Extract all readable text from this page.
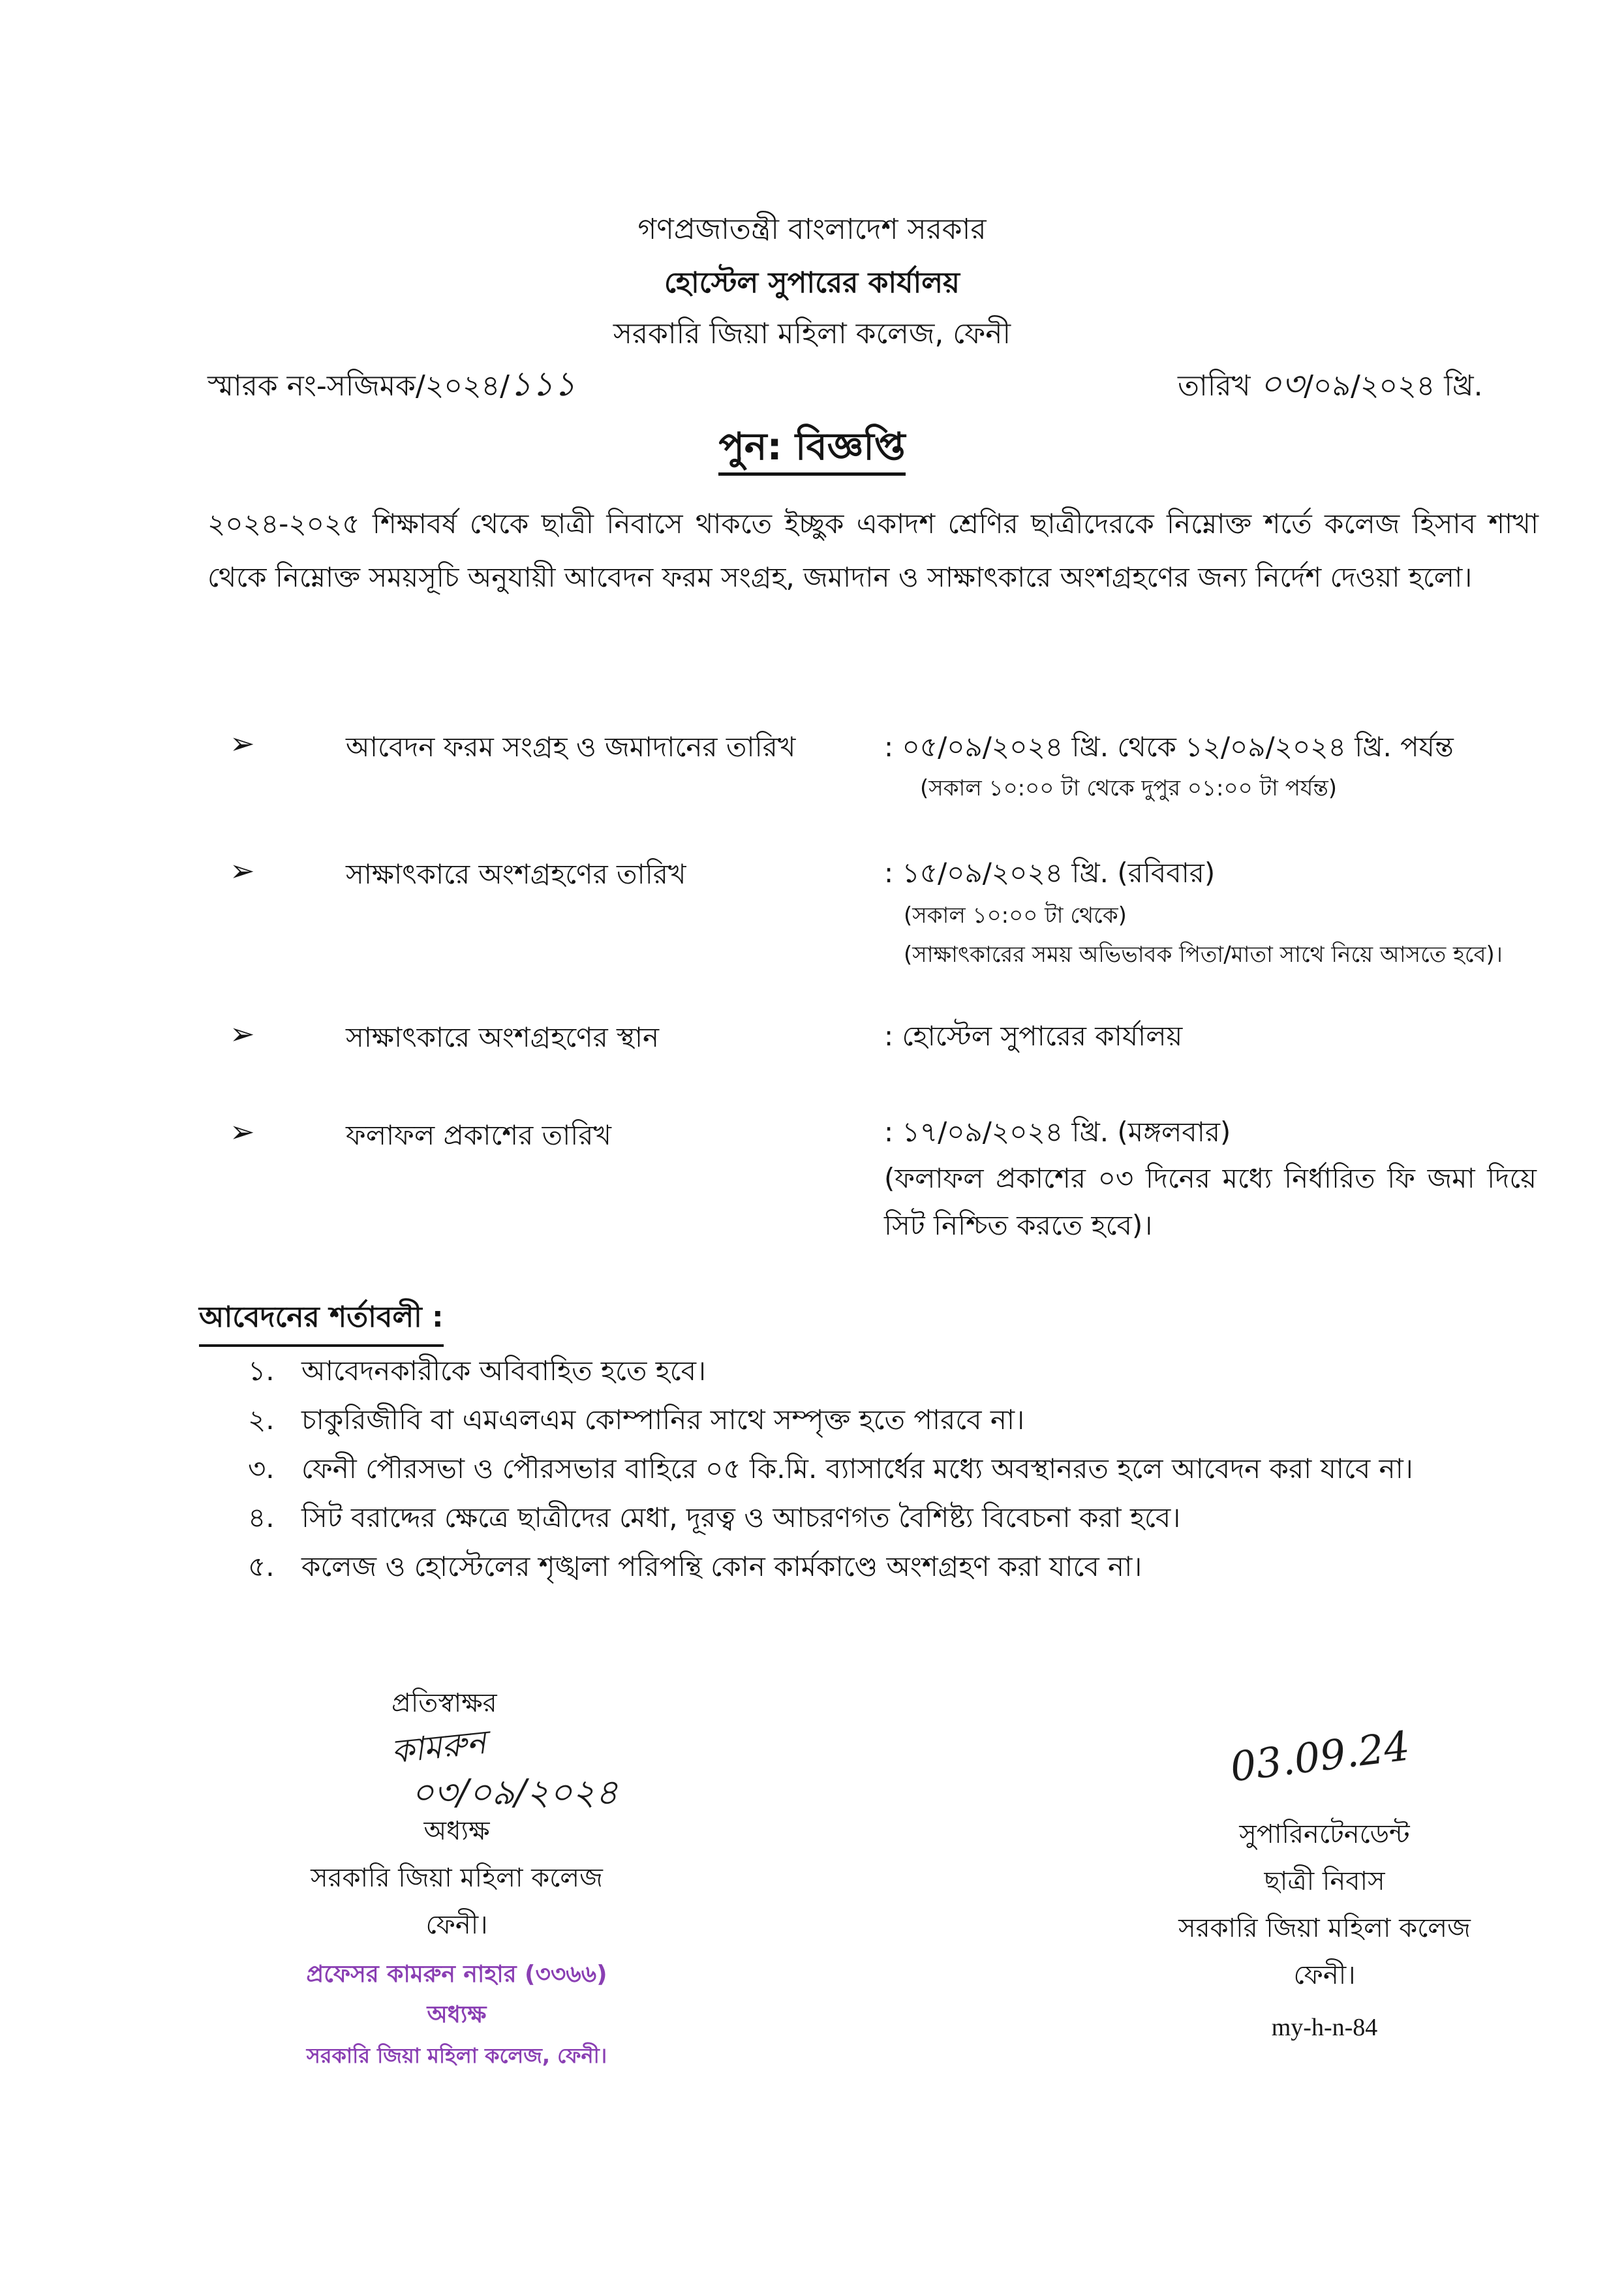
গণপ্রজাতন্ত্রী বাংলাদেশ সরকার
হোস্টেল সুপারের কার্যালয়
সরকারি জিয়া মহিলা কলেজ, ফেনী
স্মারক নং-সজিমক/২০২৪/১১১	তারিখ ০৩/০৯/২০২৪ খ্রি.
পুন: বিজ্ঞপ্তি
২০২৪-২০২৫ শিক্ষাবর্ষ থেকে ছাত্রী নিবাসে থাকতে ইচ্ছুক একাদশ শ্রেণির ছাত্রীদেরকে নিম্নোক্ত শর্তে কলেজ হিসাব শাখা থেকে নিম্নোক্ত সময়সূচি অনুযায়ী আবেদন ফরম সংগ্রহ, জমাদান ও সাক্ষাৎকারে অংশগ্রহণের জন্য নির্দেশ দেওয়া হলো।
➢	আবেদন ফরম সংগ্রহ ও জমাদানের তারিখ	: ০৫/০৯/২০২৪ খ্রি. থেকে ১২/০৯/২০২৪ খ্রি. পর্যন্ত
(সকাল ১০:০০ টা থেকে দুপুর ০১:০০ টা পর্যন্ত)
➢	সাক্ষাৎকারে অংশগ্রহণের তারিখ	: ১৫/০৯/২০২৪ খ্রি. (রবিবার)
(সকাল ১০:০০ টা থেকে)
(সাক্ষাৎকারের সময় অভিভাবক পিতা/মাতা সাথে নিয়ে আসতে হবে)।
➢	সাক্ষাৎকারে অংশগ্রহণের স্থান	: হোস্টেল সুপারের কার্যালয়
➢	ফলাফল প্রকাশের তারিখ	: ১৭/০৯/২০২৪ খ্রি. (মঙ্গলবার)
(ফলাফল প্রকাশের ০৩ দিনের মধ্যে নির্ধারিত ফি জমা দিয়ে সিট নিশ্চিত করতে হবে)।
আবেদনের শর্তাবলী :
১. আবেদনকারীকে অবিবাহিত হতে হবে।
২. চাকুরিজীবি বা এমএলএম কোম্পানির সাথে সম্পৃক্ত হতে পারবে না।
৩. ফেনী পৌরসভা ও পৌরসভার বাহিরে ০৫ কি.মি. ব্যাসার্ধের মধ্যে অবস্থানরত হলে আবেদন করা যাবে না।
৪. সিট বরাদ্দের ক্ষেত্রে ছাত্রীদের মেধা, দূরত্ব ও আচরণগত বৈশিষ্ট্য বিবেচনা করা হবে।
৫. কলেজ ও হোস্টেলের শৃঙ্খলা পরিপন্থি কোন কার্মকাণ্ডে অংশগ্রহণ করা যাবে না।
প্রতিস্বাক্ষর
কামরুন
০৩/০৯/২০২৪
অধ্যক্ষ
সরকারি জিয়া মহিলা কলেজ
ফেনী।
প্রফেসর কামরুন নাহার (৩৩৬৬)
অধ্যক্ষ
সরকারি জিয়া মহিলা কলেজ, ফেনী।
03.09.24
সুপারিনটেনডেন্ট
ছাত্রী নিবাস
সরকারি জিয়া মহিলা কলেজ
ফেনী।
my-h-n-84
